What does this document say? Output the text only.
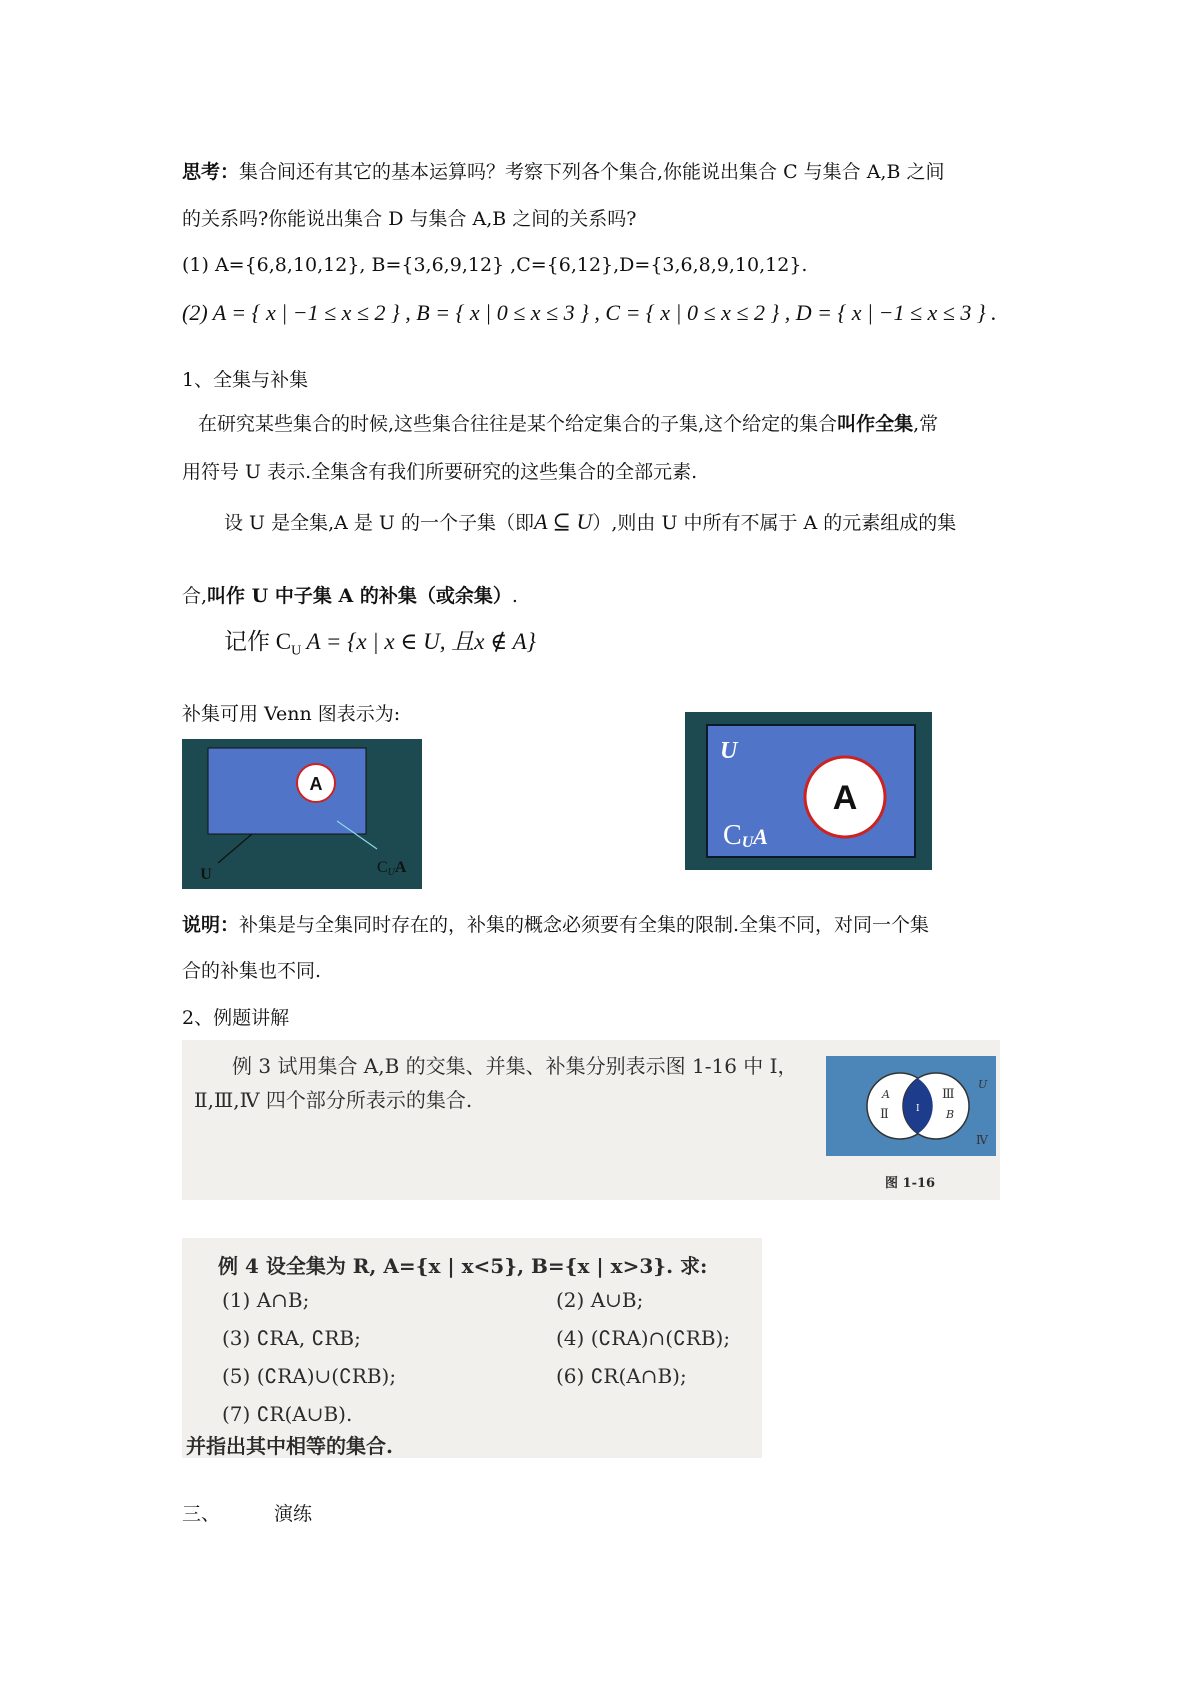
思考：集合间还有其它的基本运算吗？考察下列各个集合,你能说出集合 C 与集合 A,B 之间
的关系吗?你能说出集合 D 与集合 A,B 之间的关系吗?
(1) A={6,8,10,12}, B={3,6,9,12} ,C={6,12},D={3,6,8,9,10,12}.
(2) A = { x | −1 ≤ x ≤ 2 } , B = { x | 0 ≤ x ≤ 3 } , C = { x | 0 ≤ x ≤ 2 } , D = { x | −1 ≤ x ≤ 3 } .
1、全集与补集
在研究某些集合的时候,这些集合往往是某个给定集合的子集,这个给定的集合叫作全集,常
用符号 U 表示.全集含有我们所要研究的这些集合的全部元素.
设 U 是全集,A 是 U 的一个子集（即A ⊆ U）,则由 U 中所有不属于 A 的元素组成的集
合,叫作 U 中子集 A 的补集（或余集）.
记作 $C_U$ A = {x | x ∈ U, 且x ∉ A}
补集可用 Venn 图表示为:
A
U	CUA
A
U
CUA
说明：补集是与全集同时存在的，补集的概念必须要有全集的限制.全集不同，对同一个集
合的补集也不同.
2、例题讲解
例 3 试用集合 A,B 的交集、并集、补集分别表示图 1-16 中 Ⅰ，
Ⅱ,Ⅲ,Ⅳ 四个部分所表示的集合.	A
Ⅱ	Ⅰ
Ⅲ
B
U
Ⅳ
图 1-16
例 4 设全集为 R, A={x | x<5}, B={x | x>3}. 求:
(1) A∩B;	(2) A∪B;
(3) ∁RA, ∁RB;	(4) (∁RA)∩(∁RB);
(5) (∁RA)∪(∁RB);	(6) ∁R(A∩B);
(7) ∁R(A∪B).
并指出其中相等的集合.
三、	演练
